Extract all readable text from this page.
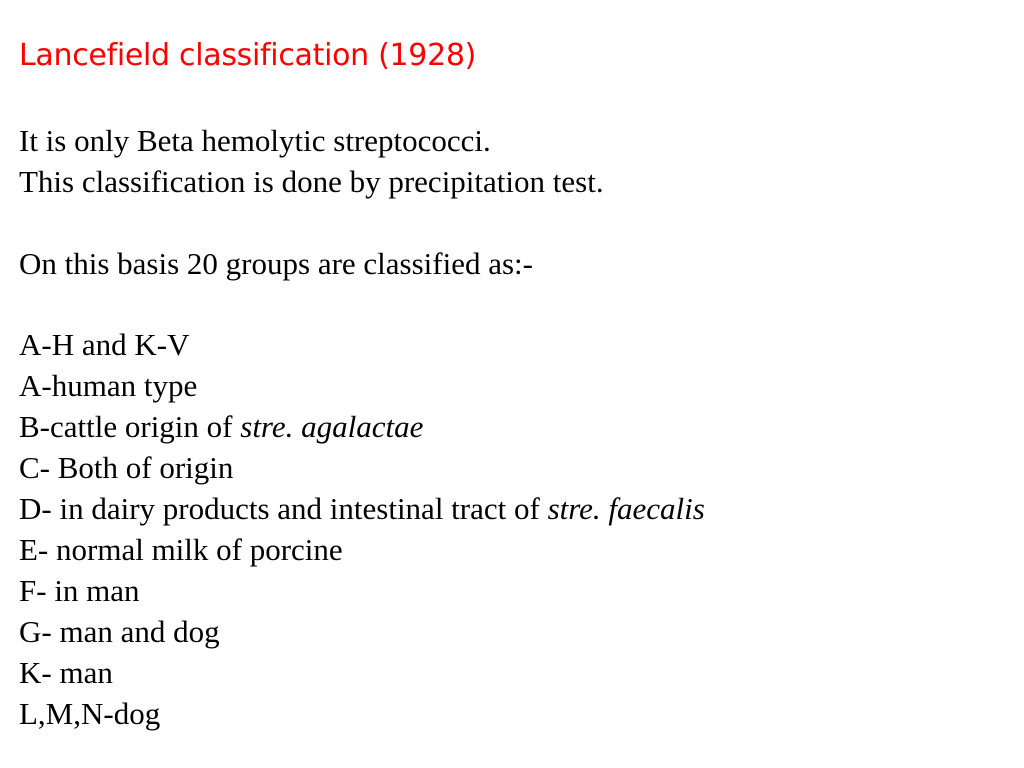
Lancefield classification (1928)
It is only Beta hemolytic streptococci.
This classification is done by precipitation test.
On this basis 20 groups are classified as:-
A-H and K-V
A-human type
B-cattle origin of stre. agalactae
C- Both of origin
D- in dairy products and intestinal tract of stre. faecalis
E- normal milk of porcine
F- in man
G- man and dog
K- man
L,M,N-dog
